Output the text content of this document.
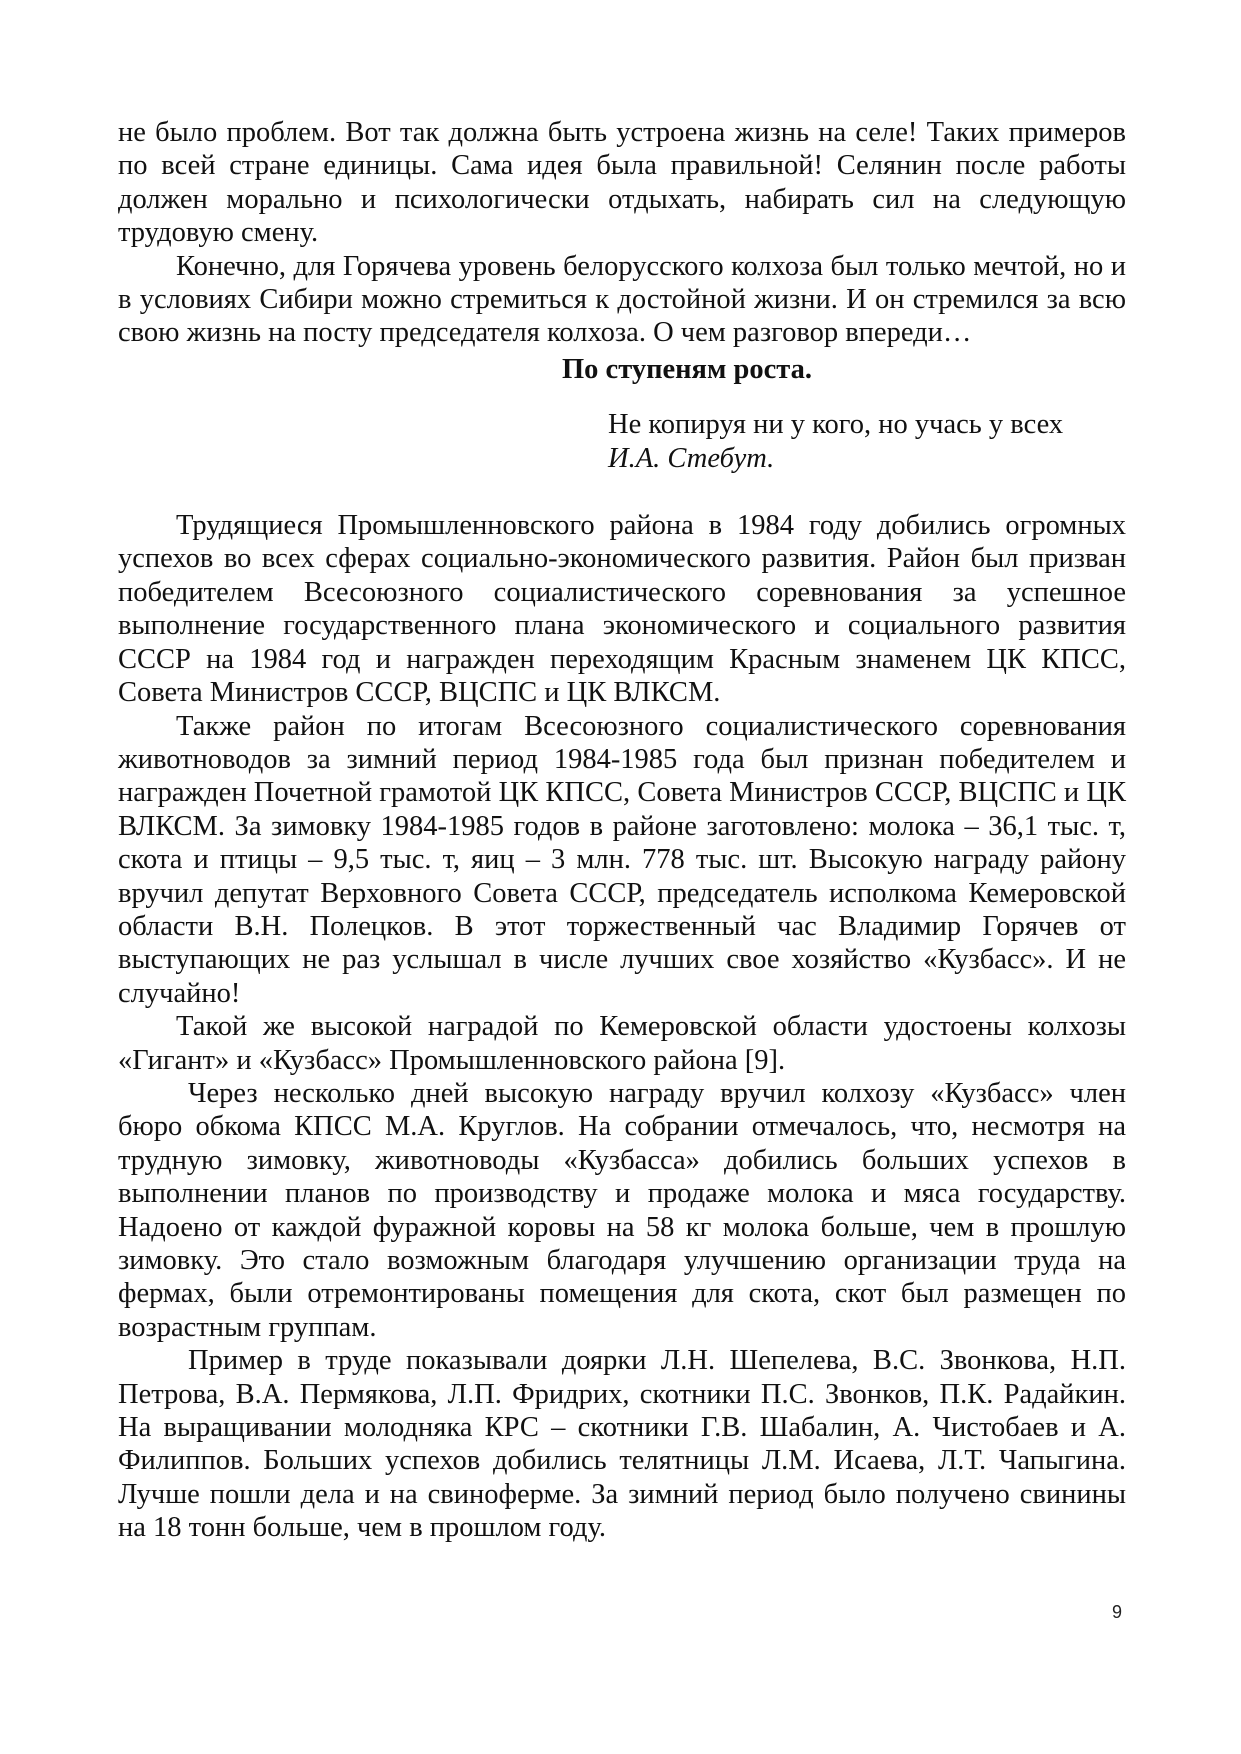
не было проблем. Вот так должна быть устроена жизнь на селе! Таких примеров по всей стране единицы. Сама идея была правильной! Селянин после работы должен морально и психологически отдыхать, набирать сил на следующую трудовую смену.

Конечно, для Горячева уровень белорусского колхоза был только мечтой, но и в условиях Сибири можно стремиться к достойной жизни. И он стремился за всю свою жизнь на посту председателя колхоза. О чем разговор впереди…

По ступеням роста.

Не копируя ни у кого, но учась у всех
И.А. Стебут.

Трудящиеся Промышленновского района в 1984 году добились огромных успехов во всех сферах социально-экономического развития. Район был призван победителем Всесоюзного социалистического соревнования за успешное выполнение государственного плана экономического и социального развития СССР на 1984 год и награжден переходящим Красным знаменем ЦК КПСС, Совета Министров СССР, ВЦСПС и ЦК ВЛКСМ.

Также район по итогам Всесоюзного социалистического соревнования животноводов за зимний период 1984-1985 года был признан победителем и награжден Почетной грамотой ЦК КПСС, Совета Министров СССР, ВЦСПС и ЦК ВЛКСМ. За зимовку 1984-1985 годов в районе заготовлено: молока – 36,1 тыс. т, скота и птицы – 9,5 тыс. т, яиц – 3 млн. 778 тыс. шт. Высокую награду району вручил депутат Верховного Совета СССР, председатель исполкома Кемеровской области В.Н. Полецков. В этот торжественный час Владимир Горячев от выступающих не раз услышал в числе лучших свое хозяйство «Кузбасс». И не случайно!

Такой же высокой наградой по Кемеровской области удостоены колхозы «Гигант» и «Кузбасс» Промышленновского района [9].

Через несколько дней высокую награду вручил колхозу «Кузбасс» член бюро обкома КПСС М.А. Круглов. На собрании отмечалось, что, несмотря на трудную зимовку, животноводы «Кузбасса» добились больших успехов в выполнении планов по производству и продаже молока и мяса государству. Надоено от каждой фуражной коровы на 58 кг молока больше, чем в прошлую зимовку. Это стало возможным благодаря улучшению организации труда на фермах, были отремонтированы помещения для скота, скот был размещен по возрастным группам.

Пример в труде показывали доярки Л.Н. Шепелева, В.С. Звонкова, Н.П. Петрова, В.А. Пермякова, Л.П. Фридрих, скотники П.С. Звонков, П.К. Радайкин. На выращивании молодняка КРС – скотники Г.В. Шабалин, А. Чистобаев и А. Филиппов. Больших успехов добились телятницы Л.М. Исаева, Л.Т. Чапыгина. Лучше пошли дела и на свиноферме. За зимний период было получено свинины на 18 тонн больше, чем в прошлом году.

9
